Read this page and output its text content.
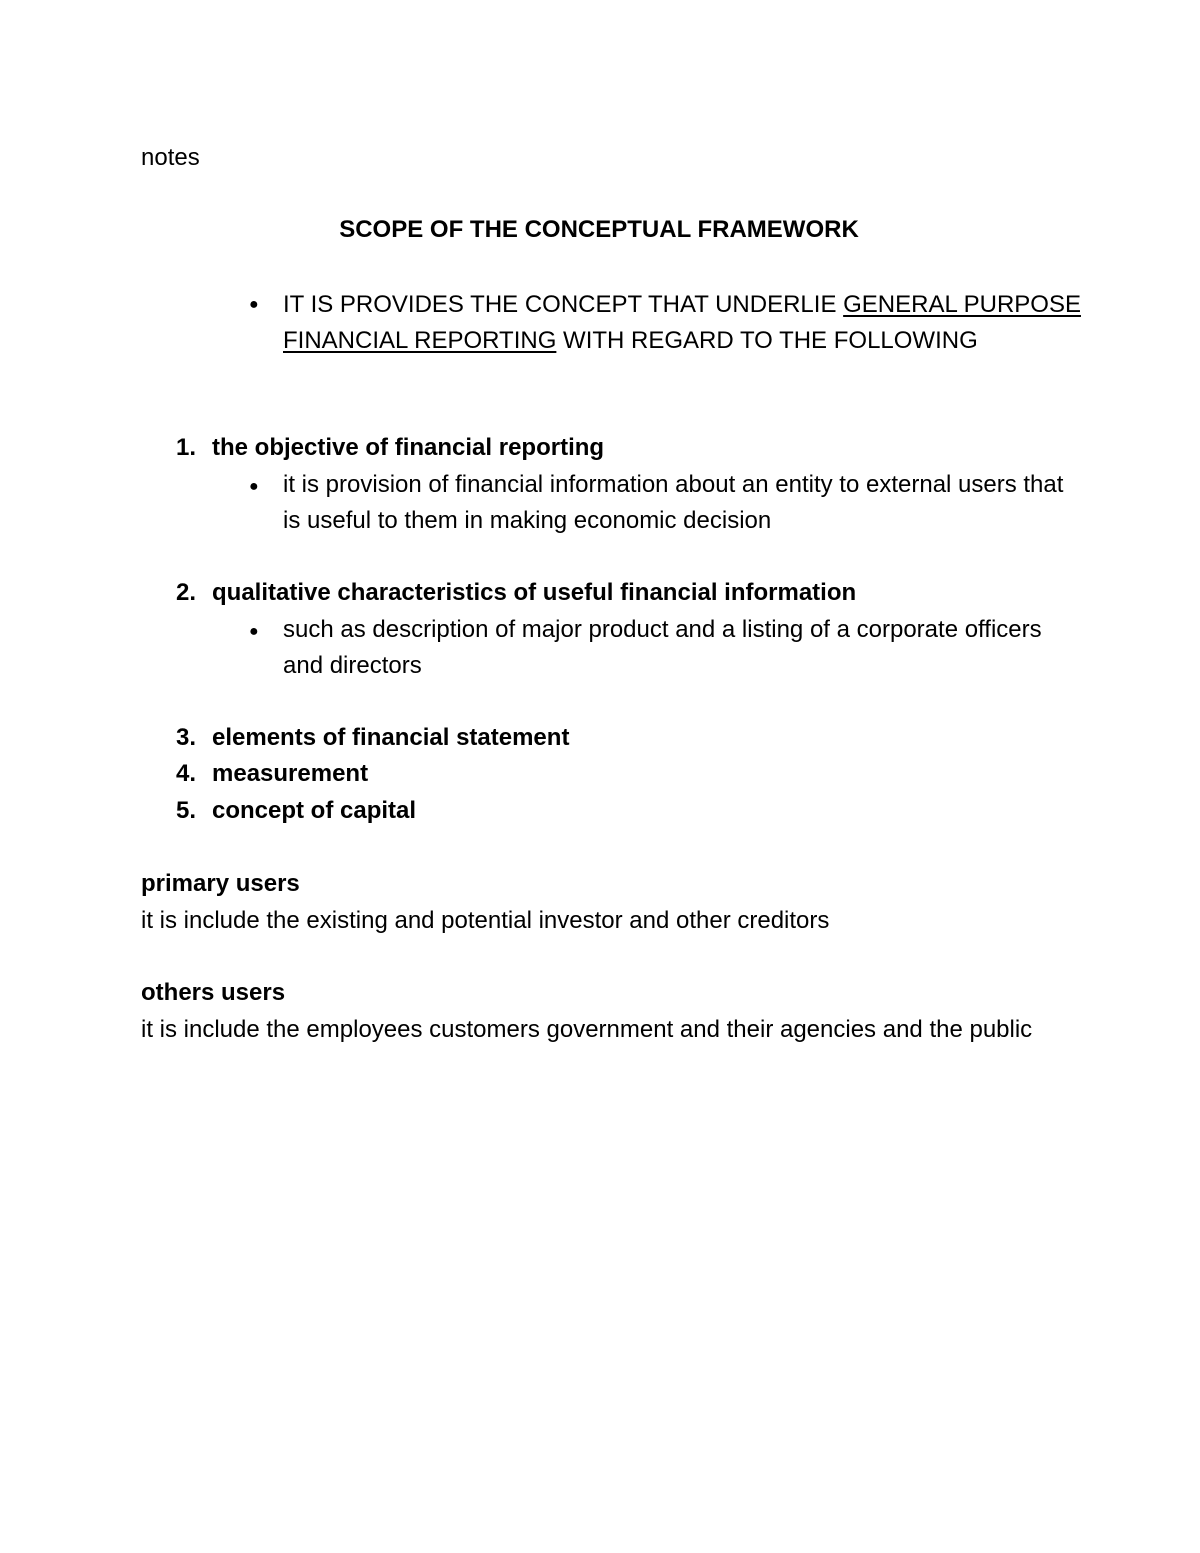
notes
SCOPE OF THE CONCEPTUAL FRAMEWORK
● IT IS PROVIDES THE CONCEPT THAT UNDERLIE GENERAL PURPOSE FINANCIAL REPORTING WITH REGARD TO THE FOLLOWING
1. the objective of financial reporting
● it is provision of financial information about an entity to external users that is useful to them in making economic decision
2. qualitative characteristics of useful financial information
● such as description of major product and a listing of a corporate officers and directors
3. elements of financial statement
4. measurement
5. concept of capital
primary users
it is include the existing and potential investor and other creditors
others users
it is include the employees customers government and their agencies and the public
